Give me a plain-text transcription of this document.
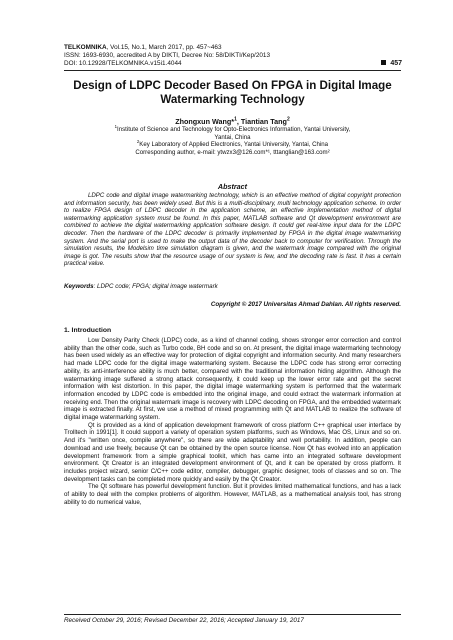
TELKOMNIKA, Vol.15, No.1, March 2017, pp. 457~463
ISSN: 1693-6930, accredited A by DIKTI, Decree No: 58/DIKTI/Kep/2013
DOI: 10.12928/TELKOMNIKA.v15i1.4044	457
Design of LDPC Decoder Based On FPGA in Digital Image Watermarking Technology
Zhongxun Wang*$^1$, Tiantian Tang$^2$
$^1$Institute of Science and Technology for Opto-Electronics Information, Yantai University,
Yantai, China
$^2$Key Laboratory of Applied Electronics, Yantai University, Yantai, China
Corresponding author, e-mail: ytwzx3@126.com*¹, tttanglian@163.com²
Abstract

LDPC code and digital image watermarking technology, which is an effective method of digital copyright protection and information security, has been widely used. But this is a multi-disciplinary, multi technology application scheme. In order to realize FPGA design of LDPC decoder in the application scheme, an effective implementation method of digital watermarking application system must be found. In this paper, MATLAB software and Qt development environment are combined to achieve the digital watermarking application software design. It could get real-time input data for the LDPC decoder. Then the hardware of the LDPC decoder is primarily implemented by FPGA in the digital image watermarking system. And the serial port is used to make the output data of the decoder back to computer for verification. Through the simulation results, the Modelsim time simulation diagram is given, and the watermark image compared with the original image is got. The results show that the resource usage of our system is few, and the decoding rate is fast. It has a certain practical value.

Keywords: LDPC code; FPGA; digital image watermark
Copyright © 2017 Universitas Ahmad Dahlan. All rights reserved.
1. Introduction

Low Density Parity Check (LDPC) code, as a kind of channel coding, shows stronger error correction and control ability than the other code, such as Turbo code, BH code and so on. At present, the digital image watermarking technology has been used widely as an effective way for protection of digital copyright and information security. And many researchers had made LDPC code for the digital image watermarking system. Because the LDPC code has strong error correcting ability, its anti-interference ability is much better, compared with the traditional information hiding algorithm. Although the watermarking image suffered a strong attack consequently, it could keep up the lower error rate and get the secret information with lest distortion. In this paper, the digital image watermarking system is performed that the watermark information encoded by LDPC code is embedded into the original image, and could extract the watermark information at receiving end. Then the original watermark image is recovery with LDPC decoding on FPGA, and the embedded watermark image is extracted finally. At first, we use a method of mixed programming with Qt and MATLAB to realize the software of digital image watermarking system.

Qt is provided as a kind of application development framework of cross platform C++ graphical user interface by Trolltech in 1991[1]. It could support a variety of operation system platforms, such as Windows, Mac OS, Linux and so on. And it's "written once, compile anywhere", so there are wide adaptability and well portability. In addition, people can download and use freely, because Qt can be obtained by the open source license. Now Qt has evolved into an application development framework from a simple graphical toolkit, which has came into an integrated software development environment. Qt Creator is an integrated development environment of Qt, and it can be operated by cross platform. It includes project wizard, senior C/C++ code editor, compiler, debugger, graphic designer, tools of classes and so on. The development tasks can be completed more quickly and easily by the Qt Creator.

The Qt software has powerful development function. But it provides limited mathematical functions, and has a lack of ability to deal with the complex problems of algorithm. However, MATLAB, as a mathematical analysis tool, has strong ability to do numerical value,

Received October 29, 2016; Revised December 22, 2016; Accepted January 19, 2017
